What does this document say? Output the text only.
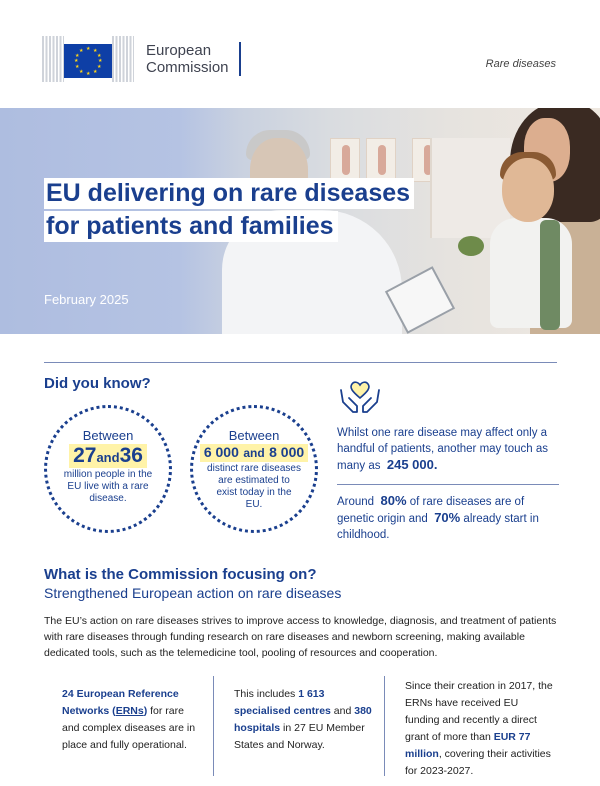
★ ★
★
★
★
★
★
★
★
★
★
★	European
Commission	Rare diseases
EU delivering on rare diseases
for patients and families
February 2025
Did you know?
Between
27and36
million people in the EU live with a rare disease.
Between
6 000 and 8 000
distinct rare diseases are estimated to exist today in the EU.
Whilst one rare disease may affect only a handful of patients, another may touch as many as 245 000.
Around 80% of rare diseases are of genetic origin and 70% already start in childhood.
What is the Commission focusing on?
Strengthened European action on rare diseases
The EU’s action on rare diseases strives to improve access to knowledge, diagnosis, and treatment of patients with rare diseases through funding research on rare diseases and newborn screening, making available dedicated tools, such as the telemedicine tool, pooling of resources and cooperation.
24 European Reference Networks (ERNs) for rare and complex diseases are in place and fully operational.
This includes 1 613 specialised centres and 380 hospitals in 27 EU Member States and Norway.
Since their creation in 2017, the ERNs have received EU funding and recently a direct grant of more than EUR 77 million, covering their activities for 2023-2027.
